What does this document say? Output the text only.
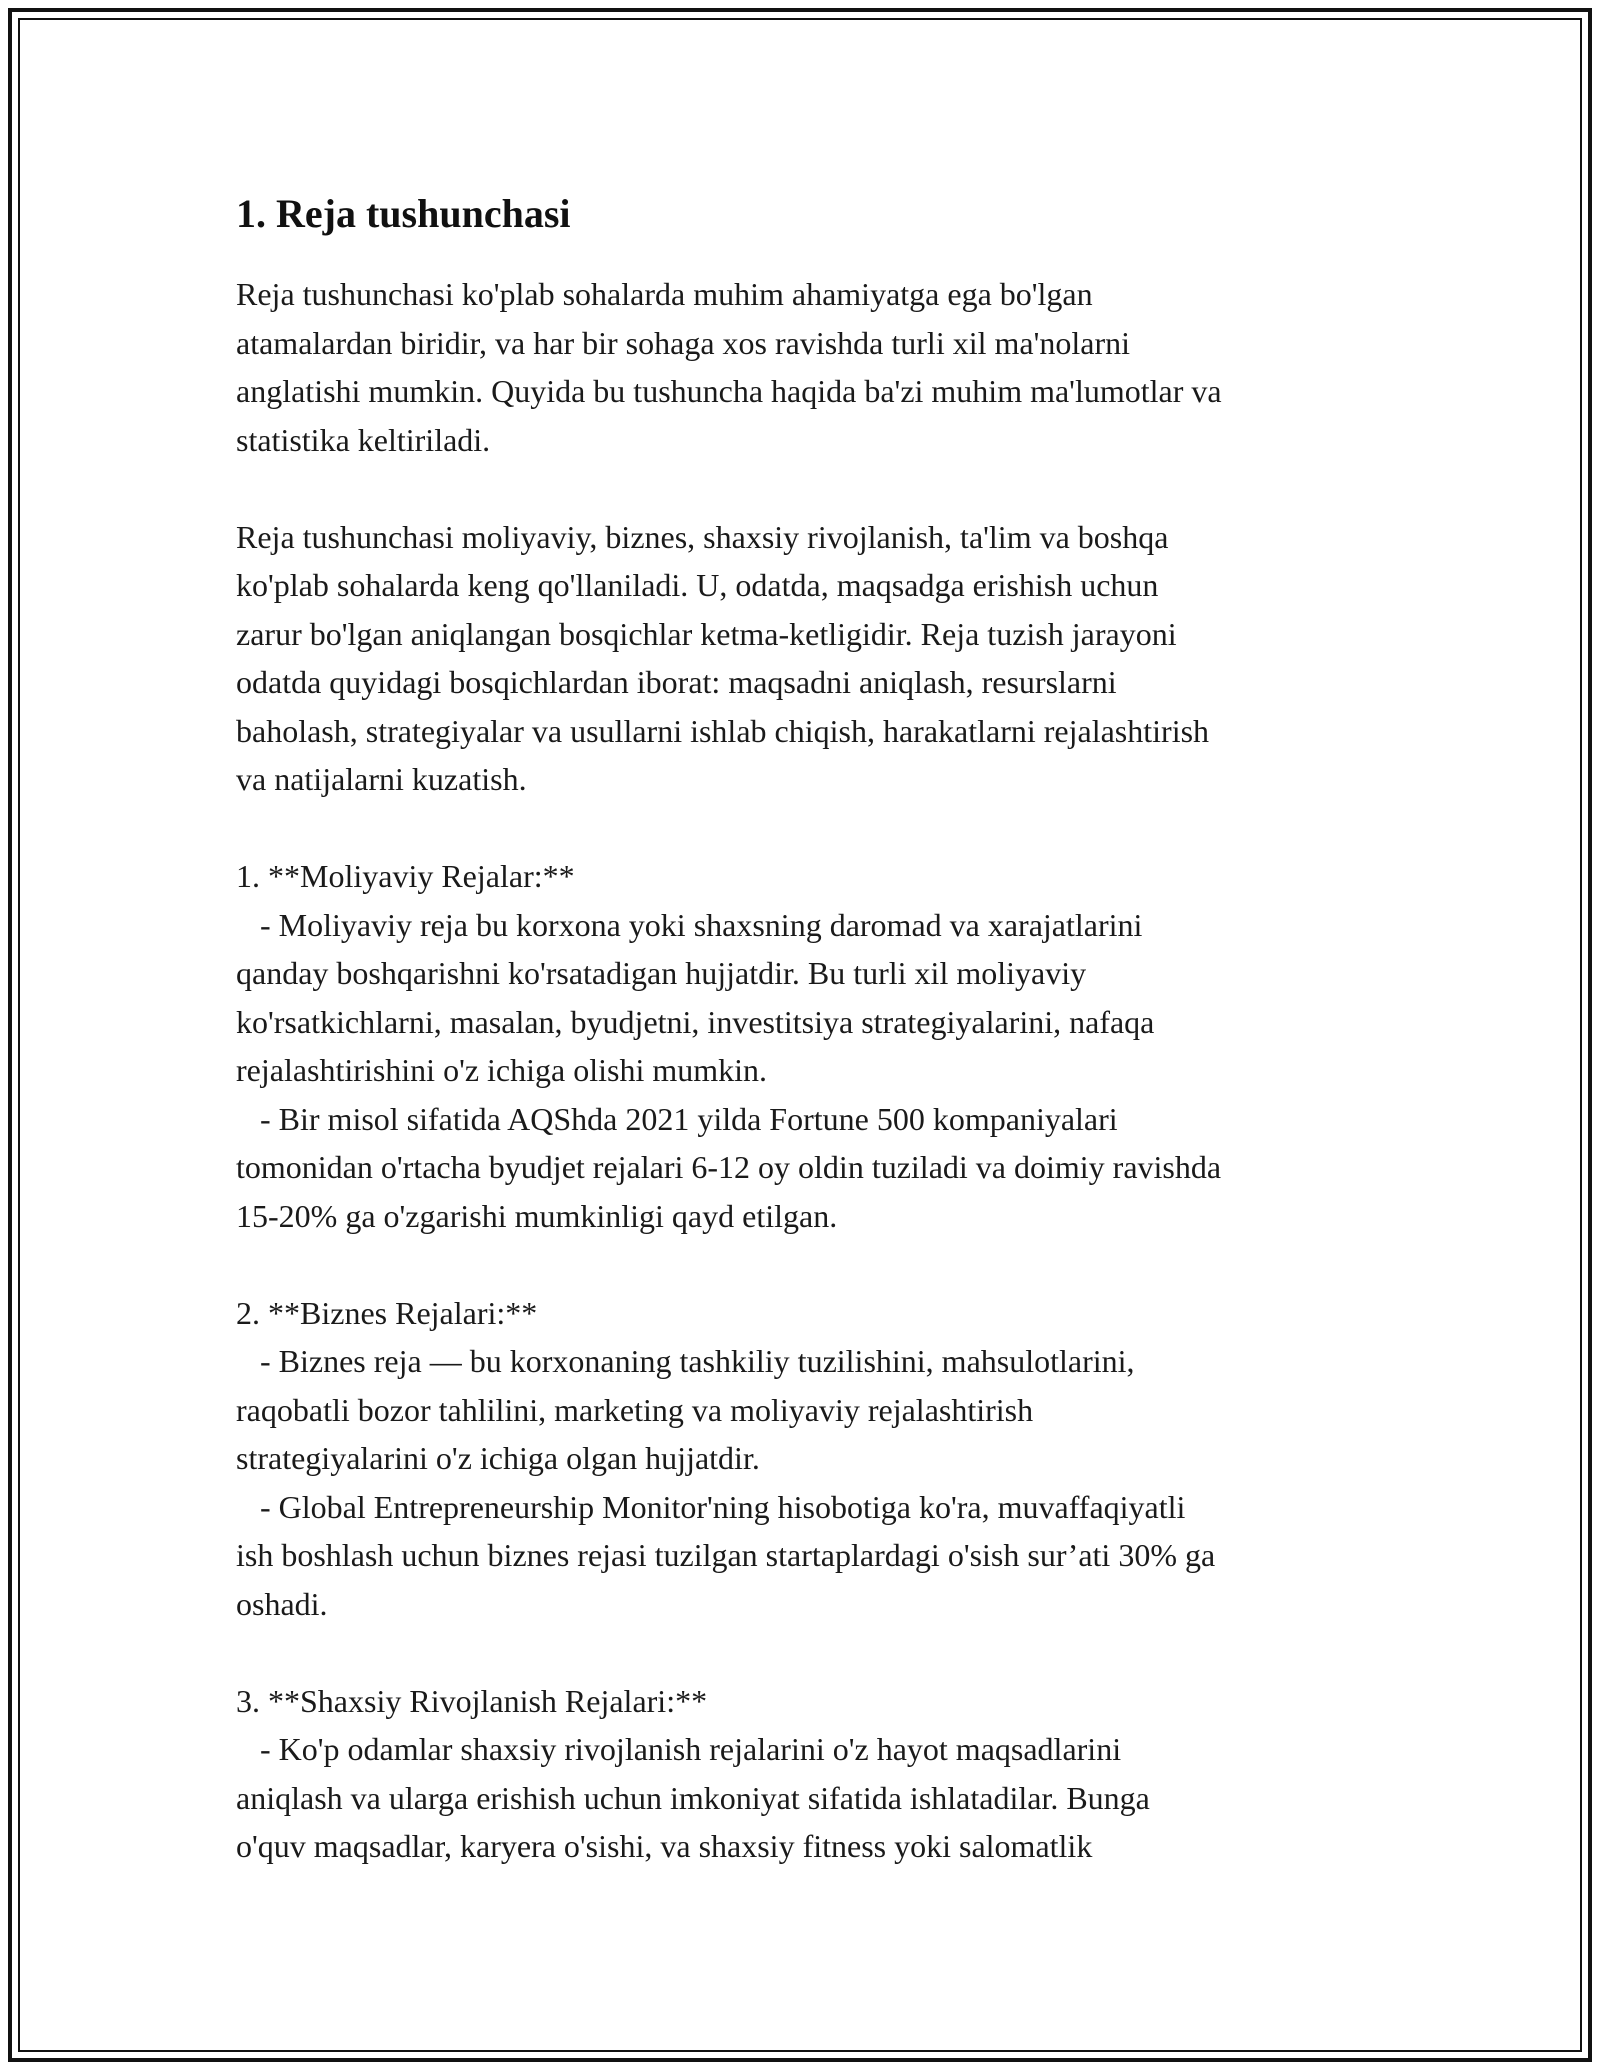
1. Reja tushunchasi

Reja tushunchasi ko'plab sohalarda muhim ahamiyatga ega bo'lgan
atamalardan biridir, va har bir sohaga xos ravishda turli xil ma'nolarni
anglatishi mumkin. Quyida bu tushuncha haqida ba'zi muhim ma'lumotlar va
statistika keltiriladi.

Reja tushunchasi moliyaviy, biznes, shaxsiy rivojlanish, ta'lim va boshqa
ko'plab sohalarda keng qo'llaniladi. U, odatda, maqsadga erishish uchun
zarur bo'lgan aniqlangan bosqichlar ketma-ketligidir. Reja tuzish jarayoni
odatda quyidagi bosqichlardan iborat: maqsadni aniqlash, resurslarni
baholash, strategiyalar va usullarni ishlab chiqish, harakatlarni rejalashtirish
va natijalarni kuzatish.

1. **Moliyaviy Rejalar:**
- Moliyaviy reja bu korxona yoki shaxsning daromad va xarajatlarini
qanday boshqarishni ko'rsatadigan hujjatdir. Bu turli xil moliyaviy
ko'rsatkichlarni, masalan, byudjetni, investitsiya strategiyalarini, nafaqa
rejalashtirishini o'z ichiga olishi mumkin.
- Bir misol sifatida AQShda 2021 yilda Fortune 500 kompaniyalari
tomonidan o'rtacha byudjet rejalari 6-12 oy oldin tuziladi va doimiy ravishda
15-20% ga o'zgarishi mumkinligi qayd etilgan.

2. **Biznes Rejalari:**
- Biznes reja — bu korxonaning tashkiliy tuzilishini, mahsulotlarini,
raqobatli bozor tahlilini, marketing va moliyaviy rejalashtirish
strategiyalarini o'z ichiga olgan hujjatdir.
- Global Entrepreneurship Monitor'ning hisobotiga ko'ra, muvaffaqiyatli
ish boshlash uchun biznes rejasi tuzilgan startaplardagi o'sish sur’ati 30% ga
oshadi.

3. **Shaxsiy Rivojlanish Rejalari:**
- Ko'p odamlar shaxsiy rivojlanish rejalarini o'z hayot maqsadlarini
aniqlash va ularga erishish uchun imkoniyat sifatida ishlatadilar. Bunga
o'quv maqsadlar, karyera o'sishi, va shaxsiy fitness yoki salomatlik
